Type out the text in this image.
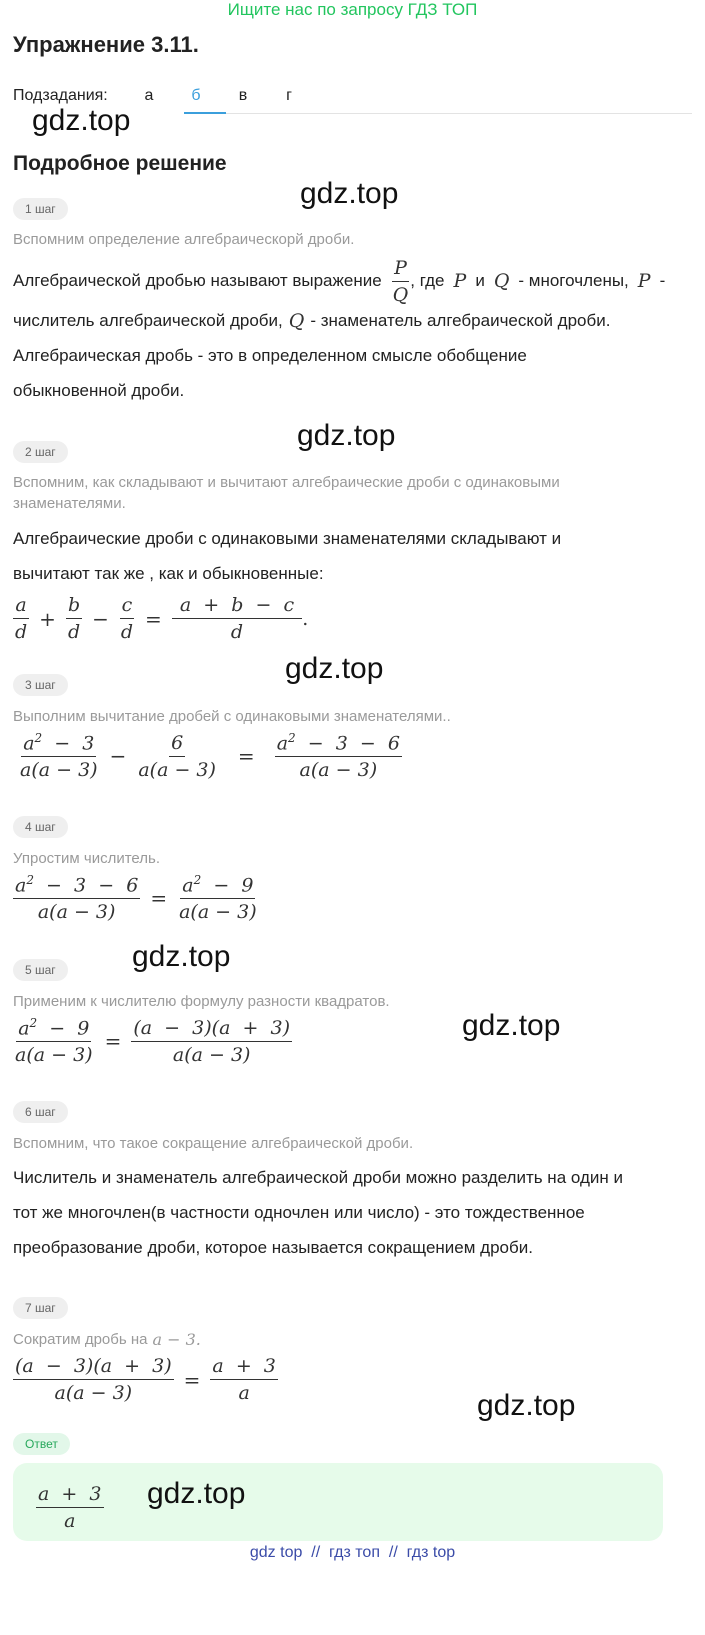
Ищите нас по запросу ГДЗ ТОП
Упражнение 3.11.
Подзадания:	а	б	в	г
gdz.top
Подробное решение
gdz.top
1 шаг
Вспомним определение алгебраическорй дроби.
Алгебраической дробью называют выражение $\frac{P}{Q}$ , где P и Q - многочлены, P -
числитель алгебраической дроби, Q - знаменатель алгебраической дроби.
Алгебраическая дробь - это в определенном смысле обобщение
обыкновенной дроби.
gdz.top
2 шаг
Вспомним, как складывают и вычитают алгебраические дроби с одинаковыми знаменателями.
Алгебраические дроби с одинаковыми знаменателями складывают и
вычитают так же , как и обыкновенные:
$\frac{a}{d} + \frac{b}{d} - \frac{c}{d} = \frac{a + b - c}{d}$ .
gdz.top
3 шаг
Выполним вычитание дробей с одинаковыми знаменателями..
$\frac{a^2 - 3}{a(a - 3)} - \frac{6}{a(a - 3)}$	=	$\frac{a^2 - 3 - 6}{a(a - 3)}$
4 шаг
Упростим числитель.
$\frac{a^2 - 3 - 6}{a(a - 3)} = \frac{a^2 - 9}{a(a - 3)}$
gdz.top
5 шаг
Применим к числителю формулу разности квадратов.
$\frac{a^2 - 9}{a(a - 3)} = \frac{(a - 3)(a + 3)}{a(a - 3)}$	gdz.top
6 шаг
Вспомним, что такое сокращение алгебраической дроби.
Числитель и знаменатель алгебраической дроби можно разделить на один и
тот же многочлен(в частности одночлен или число) - это тождественное
преобразование дроби, которое называется сокращением дроби.
7 шаг
Сократим дробь на a − 3.
$\frac{(a - 3)(a + 3)}{a(a - 3)} = \frac{a + 3}{a}$
gdz.top
Ответ
$\frac{a + 3}{a} gdz.top$
gdz top  //  гдз топ  //  гдз top
